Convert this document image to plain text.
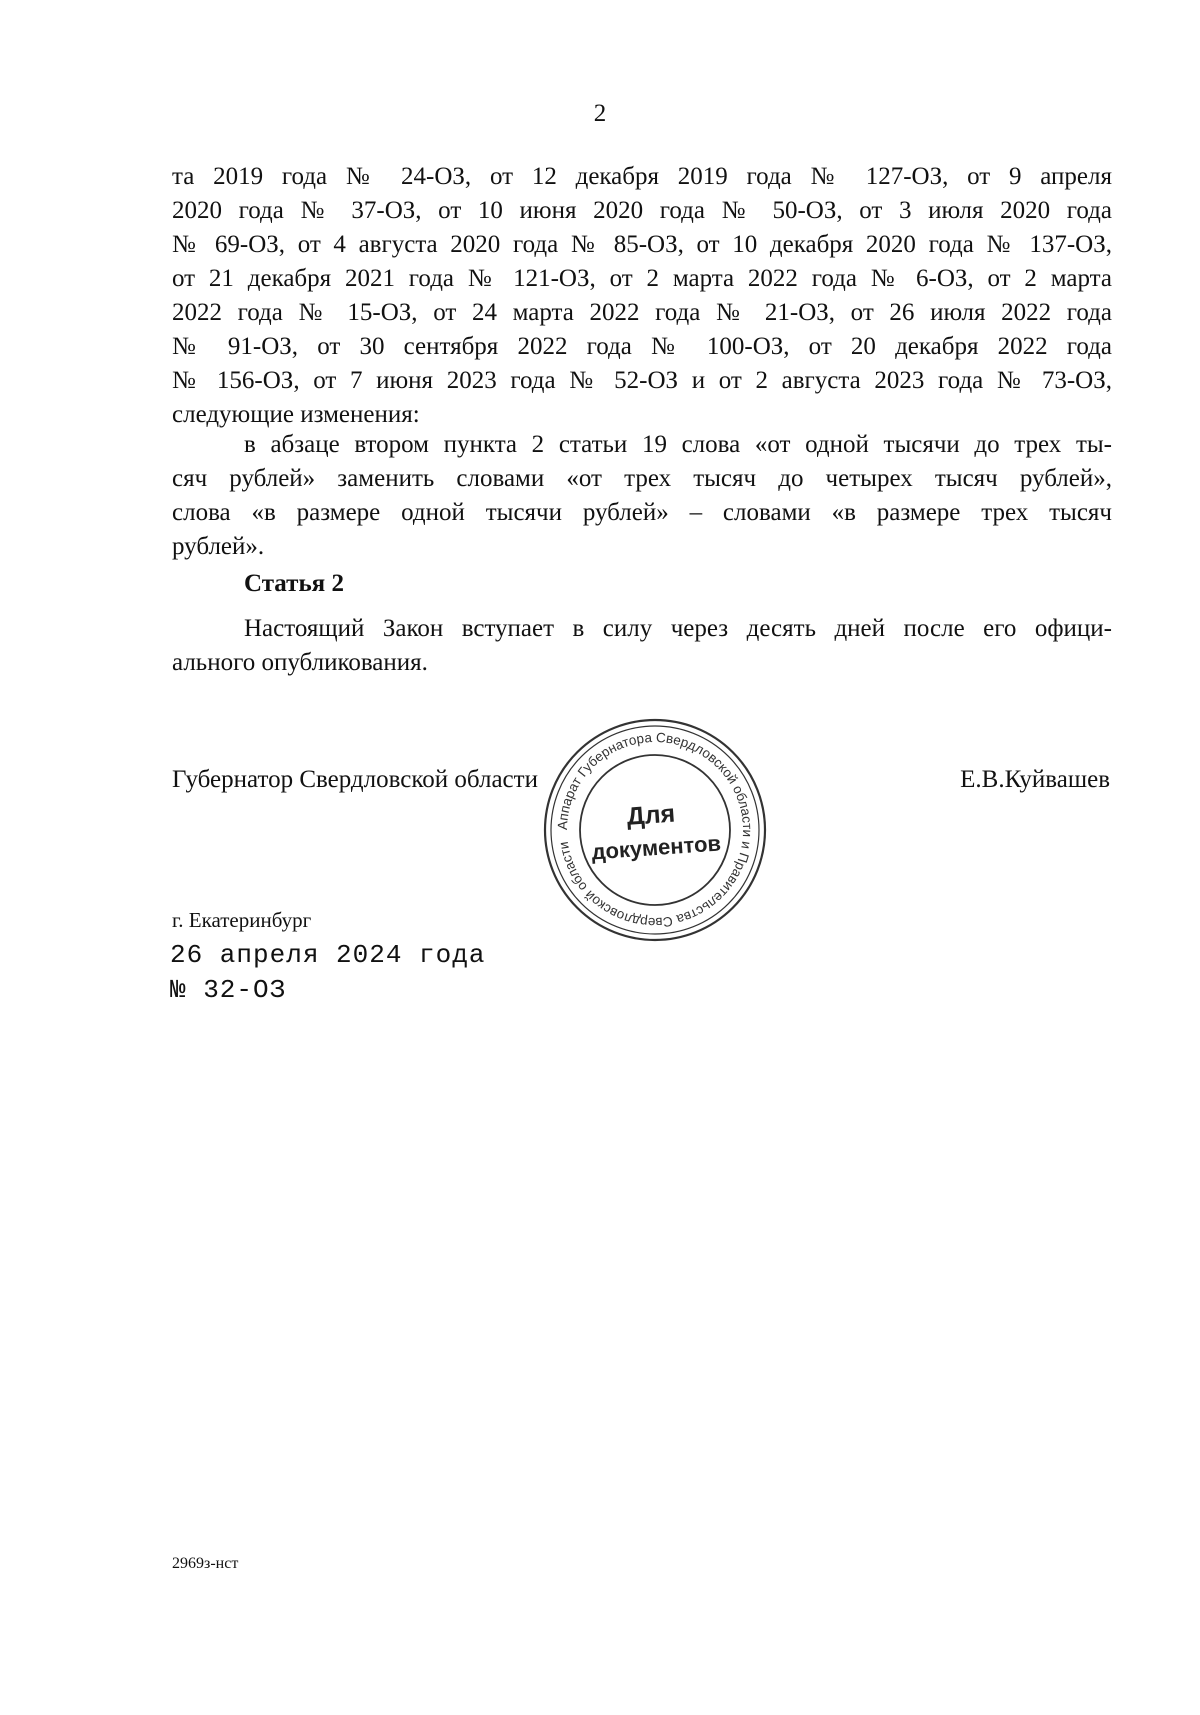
2
та 2019 года № 24-ОЗ, от 12 декабря 2019 года № 127-ОЗ, от 9 апреля
2020 года № 37-ОЗ, от 10 июня 2020 года № 50-ОЗ, от 3 июля 2020 года
№ 69-ОЗ, от 4 августа 2020 года № 85-ОЗ, от 10 декабря 2020 года № 137-ОЗ,
от 21 декабря 2021 года № 121-ОЗ, от 2 марта 2022 года № 6-ОЗ, от 2 марта
2022 года № 15-ОЗ, от 24 марта 2022 года № 21-ОЗ, от 26 июля 2022 года
№ 91-ОЗ, от 30 сентября 2022 года № 100-ОЗ, от 20 декабря 2022 года
№ 156-ОЗ, от 7 июня 2023 года № 52-ОЗ и от 2 августа 2023 года № 73-ОЗ,
следующие изменения:
в абзаце втором пункта 2 статьи 19 слова «от одной тысячи до трех ты-
сяч рублей» заменить словами «от трех тысяч до четырех тысяч рублей»,
слова «в размере одной тысячи рублей» – словами «в размере трех тысяч
рублей».
Статья 2
Настоящий Закон вступает в силу через десять дней после его офици-
ального опубликования.
Губернатор Свердловской области	Е.В.Куйвашев
Аппарат Губернатора Свердловской области и Правительства Свердловской области
Для
документов
г. Екатеринбург
26 апреля 2024 года
№ 32-ОЗ
2969з-нст
